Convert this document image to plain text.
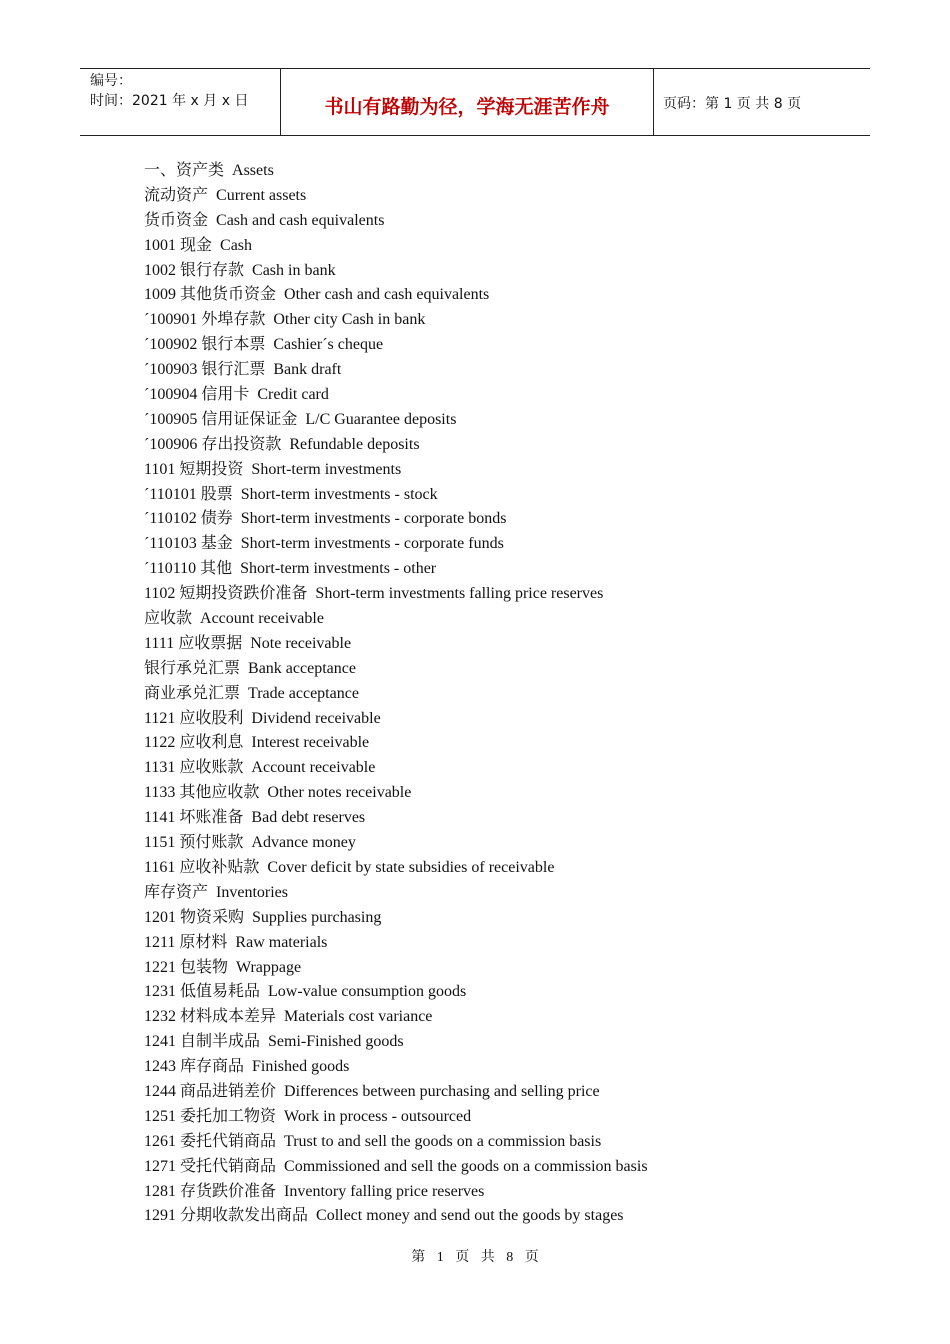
编号：
时间：2021 年 x 月 x 日	书山有路勤为径，学海无涯苦作舟	页码：第 1 页 共 8 页
一、资产类 Assets
流动资产 Current assets
货币资金 Cash and cash equivalents
1001 现金 Cash
1002 银行存款 Cash in bank
1009 其他货币资金 Other cash and cash equivalents
´100901 外埠存款 Other city Cash in bank
´100902 银行本票 Cashier´s cheque
´100903 银行汇票 Bank draft
´100904 信用卡 Credit card
´100905 信用证保证金 L/C Guarantee deposits
´100906 存出投资款 Refundable deposits
1101 短期投资 Short-term investments
´110101 股票 Short-term investments - stock
´110102 债券 Short-term investments - corporate bonds
´110103 基金 Short-term investments - corporate funds
´110110 其他 Short-term investments - other
1102 短期投资跌价准备 Short-term investments falling price reserves
应收款 Account receivable
1111 应收票据 Note receivable
银行承兑汇票 Bank acceptance
商业承兑汇票 Trade acceptance
1121 应收股利 Dividend receivable
1122 应收利息 Interest receivable
1131 应收账款 Account receivable
1133 其他应收款 Other notes receivable
1141 坏账准备 Bad debt reserves
1151 预付账款 Advance money
1161 应收补贴款 Cover deficit by state subsidies of receivable
库存资产 Inventories
1201 物资采购 Supplies purchasing
1211 原材料 Raw materials
1221 包装物 Wrappage
1231 低值易耗品 Low-value consumption goods
1232 材料成本差异 Materials cost variance
1241 自制半成品 Semi-Finished goods
1243 库存商品 Finished goods
1244 商品进销差价 Differences between purchasing and selling price
1251 委托加工物资 Work in process - outsourced
1261 委托代销商品 Trust to and sell the goods on a commission basis
1271 受托代销商品 Commissioned and sell the goods on a commission basis
1281 存货跌价准备 Inventory falling price reserves
1291 分期收款发出商品 Collect money and send out the goods by stages
第 1 页 共 8 页
